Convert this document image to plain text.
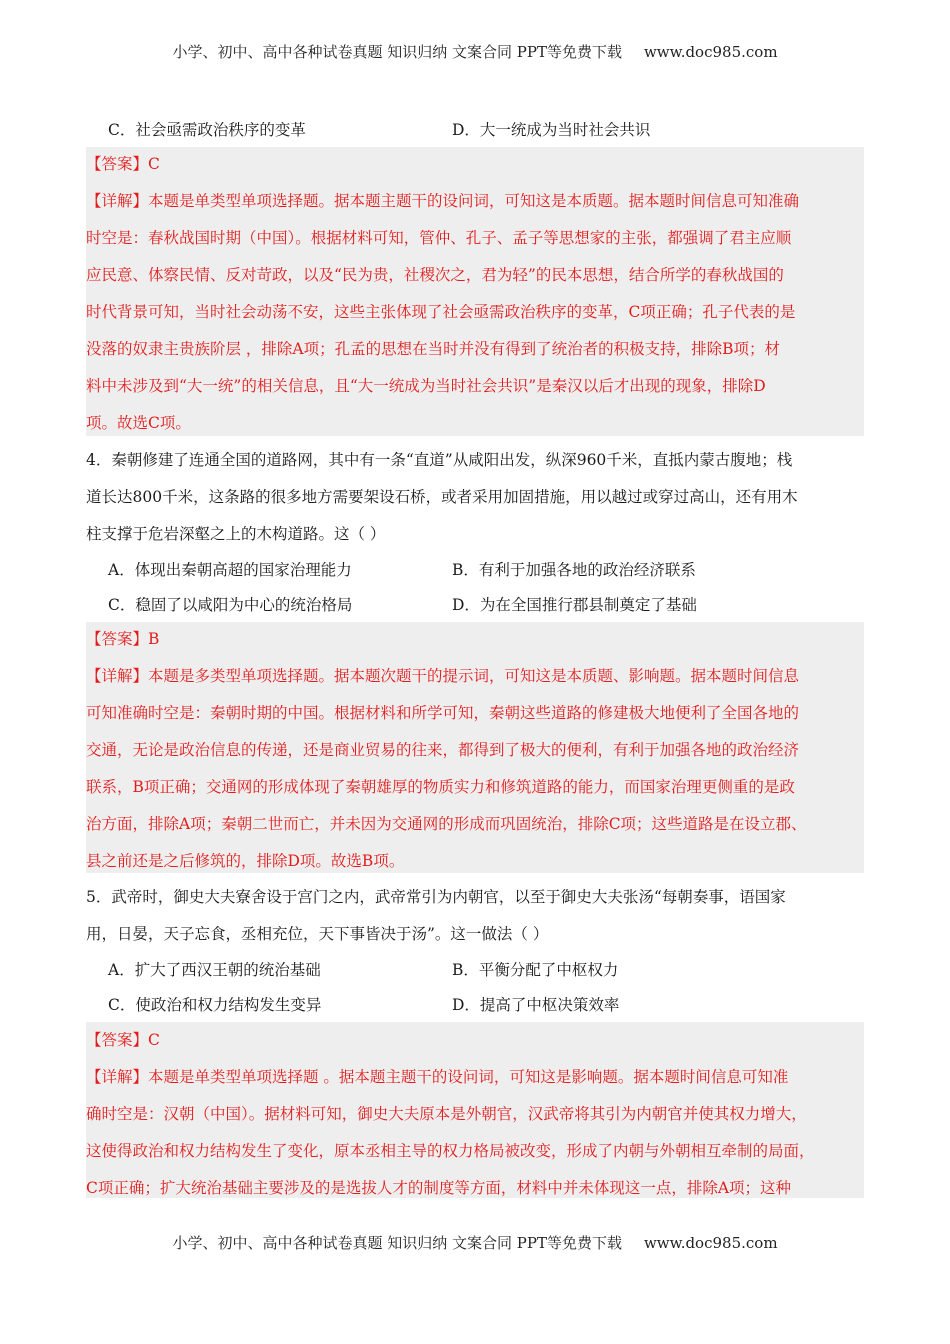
小学、初中、高中各种试卷真题 知识归纳 文案合同 PPT等免费下载 www.doc985.com
C．社会亟需政治秩序的变革	D．大一统成为当时社会共识
【答案】C
【详解】本题是单类型单项选择题。据本题主题干的设问词，可知这是本质题。据本题时间信息可知准确
时空是：春秋战国时期（中国）。根据材料可知，管仲、孔子、孟子等思想家的主张，都强调了君主应顺
应民意、体察民情、反对苛政，以及“民为贵，社稷次之，君为轻”的民本思想，结合所学的春秋战国的
时代背景可知，当时社会动荡不安，这些主张体现了社会亟需政治秩序的变革，C项正确；孔子代表的是
没落的奴隶主贵族阶层 ，排除A项；孔孟的思想在当时并没有得到了统治者的积极支持，排除B项；材
料中未涉及到“大一统”的相关信息，且“大一统成为当时社会共识”是秦汉以后才出现的现象，排除D
项。故选C项。
4．秦朝修建了连通全国的道路网，其中有一条“直道”从咸阳出发，纵深960千米，直抵内蒙古腹地；栈
道长达800千米，这条路的很多地方需要架设石桥，或者采用加固措施，用以越过或穿过高山，还有用木
柱支撑于危岩深壑之上的木构道路。这（ ）
A．体现出秦朝高超的国家治理能力	B．有利于加强各地的政治经济联系
C．稳固了以咸阳为中心的统治格局	D．为在全国推行郡县制奠定了基础
【答案】B
【详解】本题是多类型单项选择题。据本题次题干的提示词，可知这是本质题、影响题。据本题时间信息
可知准确时空是：秦朝时期的中国。根据材料和所学可知，秦朝这些道路的修建极大地便利了全国各地的
交通，无论是政治信息的传递，还是商业贸易的往来，都得到了极大的便利，有利于加强各地的政治经济
联系，B项正确；交通网的形成体现了秦朝雄厚的物质实力和修筑道路的能力，而国家治理更侧重的是政
治方面，排除A项；秦朝二世而亡，并未因为交通网的形成而巩固统治，排除C项；这些道路是在设立郡、
县之前还是之后修筑的，排除D项。故选B项。
5．武帝时，御史大夫寮舍设于宫门之内，武帝常引为内朝官，以至于御史大夫张汤“每朝奏事，语国家
用，日晏，天子忘食，丞相充位，天下事皆决于汤”。这一做法（ ）
A．扩大了西汉王朝的统治基础	B．平衡分配了中枢权力
C．使政治和权力结构发生变异	D．提高了中枢决策效率
【答案】C
【详解】本题是单类型单项选择题 。据本题主题干的设问词，可知这是影响题。据本题时间信息可知准
确时空是：汉朝（中国）。据材料可知，御史大夫原本是外朝官，汉武帝将其引为内朝官并使其权力增大，
这使得政治和权力结构发生了变化，原本丞相主导的权力格局被改变，形成了内朝与外朝相互牵制的局面，
C项正确；扩大统治基础主要涉及的是选拔人才的制度等方面，材料中并未体现这一点，排除A项；这种
小学、初中、高中各种试卷真题 知识归纳 文案合同 PPT等免费下载 www.doc985.com
